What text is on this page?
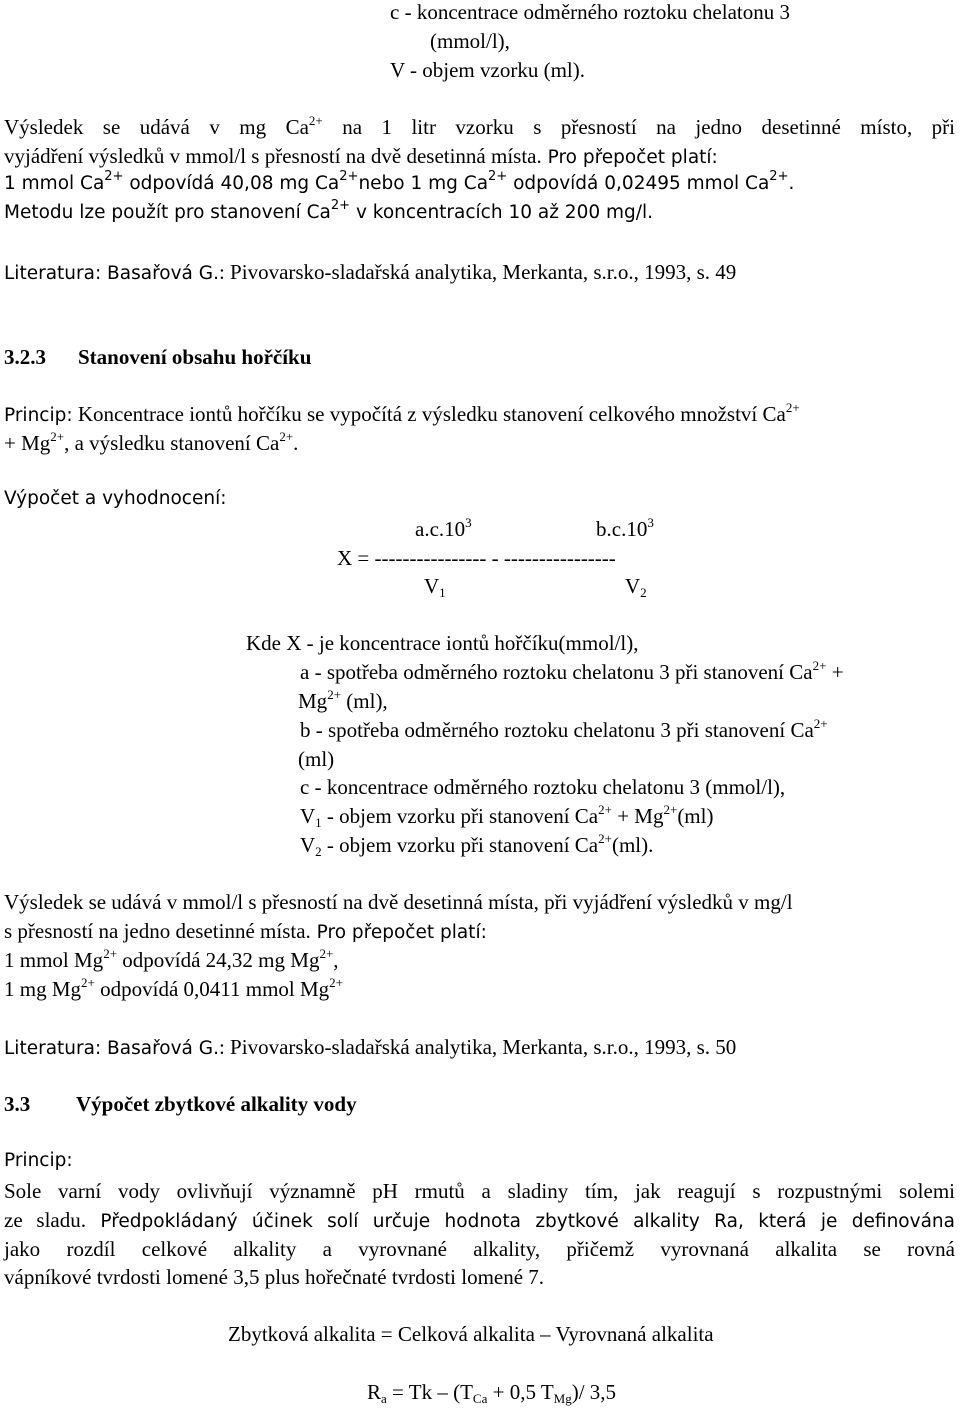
c - koncentrace odměrného roztoku chelatonu 3
(mmol/l),
V - objem vzorku (ml).
Výsledek se udává v mg $Ca^{2+}$ na 1 litr vzorku s přesností na jedno desetinné místo, při
vyjádření výsledků v mmol/l s přesností na dvě desetinná místa. Pro přepočet platí:
1 mmol $Ca^{2+}$ odpovídá 40,08 mg $Ca^{2+}nebo$ 1 mg $Ca^{2+}$ odpovídá 0,02495 mmol $Ca^{2+}$.
Metodu lze použít pro stanovení $Ca^{2+}$ v koncentracích 10 až 200 mg/l.
Literatura: Basařová G.: Pivovarsko-sladařská analytika, Merkanta, s.r.o., 1993, s. 49
3.2.3 Stanovení obsahu hořčíku
Princip: Koncentrace iontů hořčíku se vypočítá z výsledku stanovení celkového množství $Ca^{2+}$
+ $Mg^{2+}$, a výsledku stanovení $Ca^{2+}$.
Výpočet a vyhodnocení:
$a.c.10^3$	$b.c.10^3$
X = ---------------- - ----------------
$V_1$	$V_2$
Kde X - je koncentrace iontů hořčíku(mmol/l),
a - spotřeba odměrného roztoku chelatonu 3 při stanovení $Ca^{2+}$ +
$Mg^{2+}$ (ml),
b - spotřeba odměrného roztoku chelatonu 3 při stanovení $Ca^{2+}$
(ml)
c - koncentrace odměrného roztoku chelatonu 3 (mmol/l),
$V_1$ - objem vzorku při stanovení $Ca^{2+} + Mg^{2+}(ml)$
$V_2$ - objem vzorku při stanovení $Ca^{2+}(ml)$.
Výsledek se udává v mmol/l s přesností na dvě desetinná místa, při vyjádření výsledků v mg/l
s přesností na jedno desetinné místa. Pro přepočet platí:
1 mmol $Mg^{2+}$ odpovídá 24,32 mg $Mg^{2+}$,
1 mg $Mg^{2+}$ odpovídá 0,0411 mmol $Mg^{2+}$
Literatura: Basařová G.: Pivovarsko-sladařská analytika, Merkanta, s.r.o., 1993, s. 50
3.3 Výpočet zbytkové alkality vody
Princip:
Sole varní vody ovlivňují významně pH rmutů a sladiny tím, jak reagují s rozpustnými solemi
ze sladu. Předpokládaný účinek solí určuje hodnota zbytkové alkality Ra, která je definována
jako rozdíl celkové alkality a vyrovnané alkality, přičemž vyrovnaná alkalita se rovná
vápníkové tvrdosti lomené 3,5 plus hořečnaté tvrdosti lomené 7.
Zbytková alkalita = Celková alkalita – Vyrovnaná alkalita
$R_a = Tk - (T_{Ca} + 0,5$ $T_{Mg})/$ 3,5
